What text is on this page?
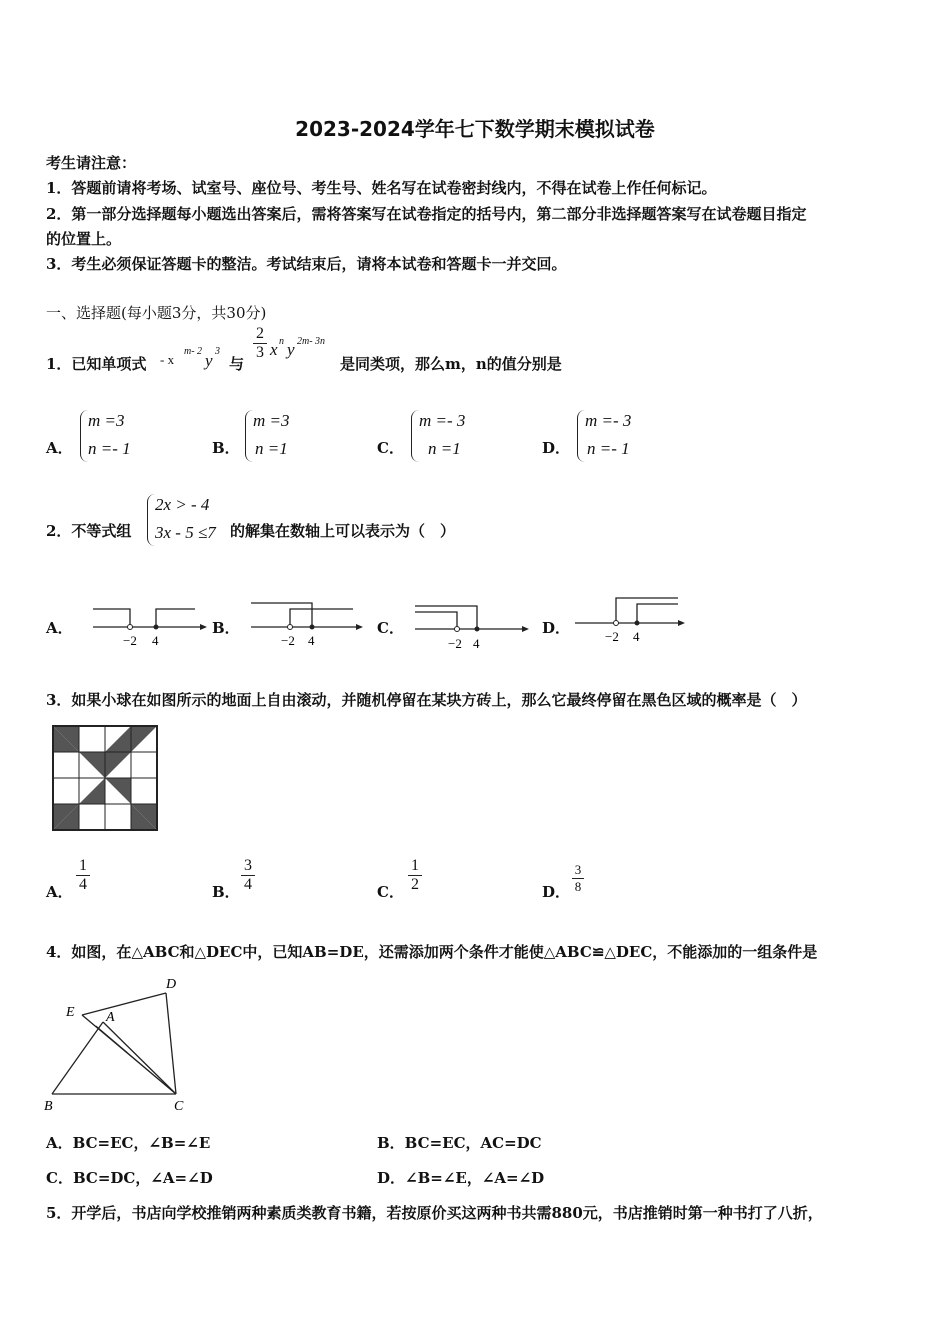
2023-2024学年七下数学期末模拟试卷
考生请注意：
1．答题前请将考场、试室号、座位号、考生号、姓名写在试卷密封线内，不得在试卷上作任何标记。
2．第一部分选择题每小题选出答案后，需将答案写在试卷指定的括号内，第二部分非选择题答案写在试卷题目指定
的位置上。
3．考生必须保证答题卡的整洁。考试结束后，请将本试卷和答题卡一并交回。
一、选择题(每小题3分，共30分)
1．已知单项式 - x
m- 2 y 3
与
$\frac{2}{3}$ x n y 2m- 3n
是同类项，那么m，n的值分别是
A．
m =3
n =- 1	B．
m =3
n =1	C．
m =- 3
n =1	D．
m =- 3
n =- 1
2．不等式组
2x > - 4
3x - 5 ≤7 的解集在数轴上可以表示为（　）
A．
−2 4
B．
−2 4
C．
−2 4
D．	−2 4
3．如果小球在如图所示的地面上自由滚动，并随机停留在某块方砖上，那么它最终停留在黑色区域的概率是（　）
A． $\frac{1}{4}$	B． $\frac{3}{4}$	C． $\frac{1}{2}$	D． $\frac{3}{8}$
4．如图，在△ABC和△DEC中，已知AB=DE，还需添加两个条件才能使△ABC≌△DEC，不能添加的一组条件是
D
E A
B	C
A．BC=EC，∠B=∠E	B．BC=EC，AC=DC
C．BC=DC，∠A=∠D	D．∠B=∠E，∠A=∠D
5．开学后，书店向学校推销两种素质类教育书籍，若按原价买这两种书共需880元，书店推销时第一种书打了八折，
